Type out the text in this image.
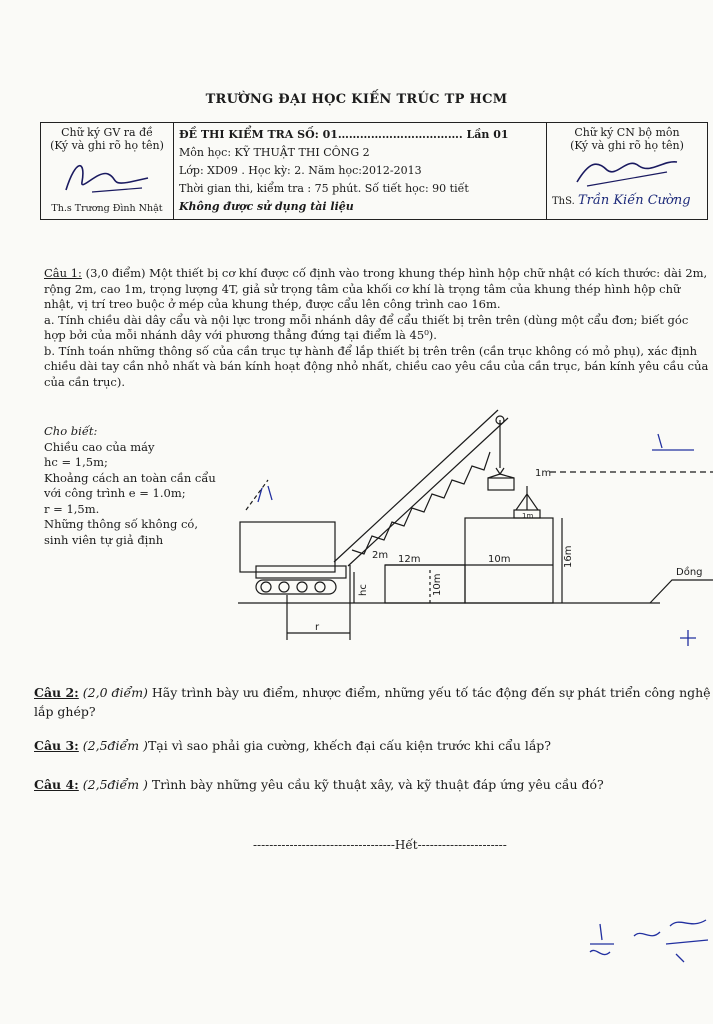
TRƯỜNG ĐẠI HỌC KIẾN TRÚC TP HCM
Chữ ký GV ra đề
(Ký và ghi rõ họ tên)
Th.s Trương Đình Nhật

ĐỀ THI KIỂM TRA SỐ: 01……………………………. Lần 01
Môn học: KỸ THUẬT THI CÔNG 2
Lớp: XD09 . Học kỳ: 2. Năm học:2012-2013
Thời gian thi, kiểm tra : 75 phút. Số tiết học: 90 tiết
Không được sử dụng tài liệu

Chữ ký CN bộ môn
(Ký và ghi rõ họ tên)
ThS. Trần Kiến Cường
Câu 1: (3,0 điểm) Một thiết bị cơ khí được cố định vào trong khung thép hình hộp chữ nhật có kích thước: dài 2m, rộng 2m, cao 1m, trọng lượng 4T, giả sử trọng tâm của khối cơ khí là trọng tâm của khung thép hình hộp chữ nhật, vị trí treo buộc ở mép của khung thép, được cẩu lên công trình cao 16m.
a. Tính chiều dài dây cẩu và nội lực trong mỗi nhánh dây để cẩu thiết bị trên trên (dùng một cẩu đơn; biết góc hợp bởi của mỗi nhánh dây với phương thẳng đứng tại điểm là 45⁰).
b. Tính toán những thông số của cần trục tự hành để lắp thiết bị trên trên (cần trục không có mỏ phụ), xác định chiều dài tay cần nhỏ nhất và bán kính hoạt động nhỏ nhất, chiều cao yêu cầu của cần trục, bán kính yêu cầu của của cần trục).
Cho biết:
Chiều cao của máy
hc = 1,5m;
Khoảng cách an toàn cần cẩu
với công trình e = 1.0m;
r = 1,5m.
Những thông số không có,
sinh viên tự giả định
12m	10m	16m
10m
hc
2m
1m
1m
r
Dồng
Câu 2: (2,0 điểm) Hãy trình bày ưu điểm, nhược điểm, những yếu tố tác động đến sự phát triển công nghệ lắp ghép?
Câu 3: (2,5điểm )Tại vì sao phải gia cường, khếch đại cấu kiện trước khi cẩu lắp?
Câu 4: (2,5điểm ) Trình bày những yêu cầu kỹ thuật xây, và kỹ thuật đáp ứng yêu cầu đó?
-----------------------------------Hết----------------------
